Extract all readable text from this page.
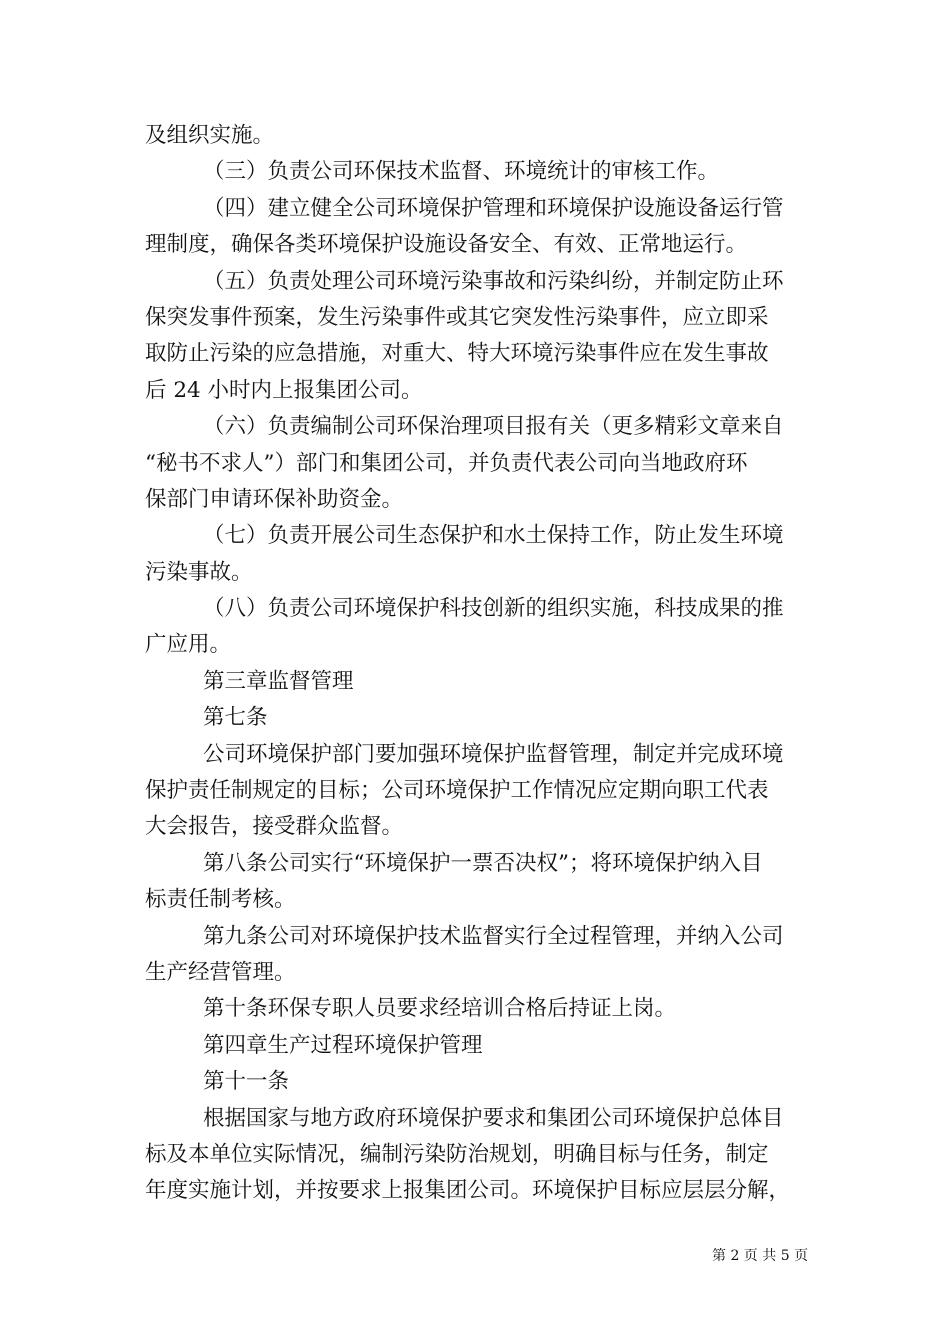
及组织实施。
（三）负责公司环保技术监督、环境统计的审核工作。
（四）建立健全公司环境保护管理和环境保护设施设备运行管
理制度，确保各类环境保护设施设备安全、有效、正常地运行。
（五）负责处理公司环境污染事故和污染纠纷，并制定防止环
保突发事件预案，发生污染事件或其它突发性污染事件，应立即采
取防止污染的应急措施，对重大、特大环境污染事件应在发生事故
后 24 小时内上报集团公司。
（六）负责编制公司环保治理项目报有关（更多精彩文章来自
“秘书不求人”）部门和集团公司，并负责代表公司向当地政府环
保部门申请环保补助资金。
（七）负责开展公司生态保护和水土保持工作，防止发生环境
污染事故。
（八）负责公司环境保护科技创新的组织实施，科技成果的推
广应用。
第三章监督管理
第七条
公司环境保护部门要加强环境保护监督管理，制定并完成环境
保护责任制规定的目标；公司环境保护工作情况应定期向职工代表
大会报告，接受群众监督。
第八条公司实行“环境保护一票否决权”；将环境保护纳入目
标责任制考核。
第九条公司对环境保护技术监督实行全过程管理，并纳入公司
生产经营管理。
第十条环保专职人员要求经培训合格后持证上岗。
第四章生产过程环境保护管理
第十一条
根据国家与地方政府环境保护要求和集团公司环境保护总体目
标及本单位实际情况，编制污染防治规划，明确目标与任务，制定
年度实施计划，并按要求上报集团公司。环境保护目标应层层分解，
第 2 页 共 5 页
